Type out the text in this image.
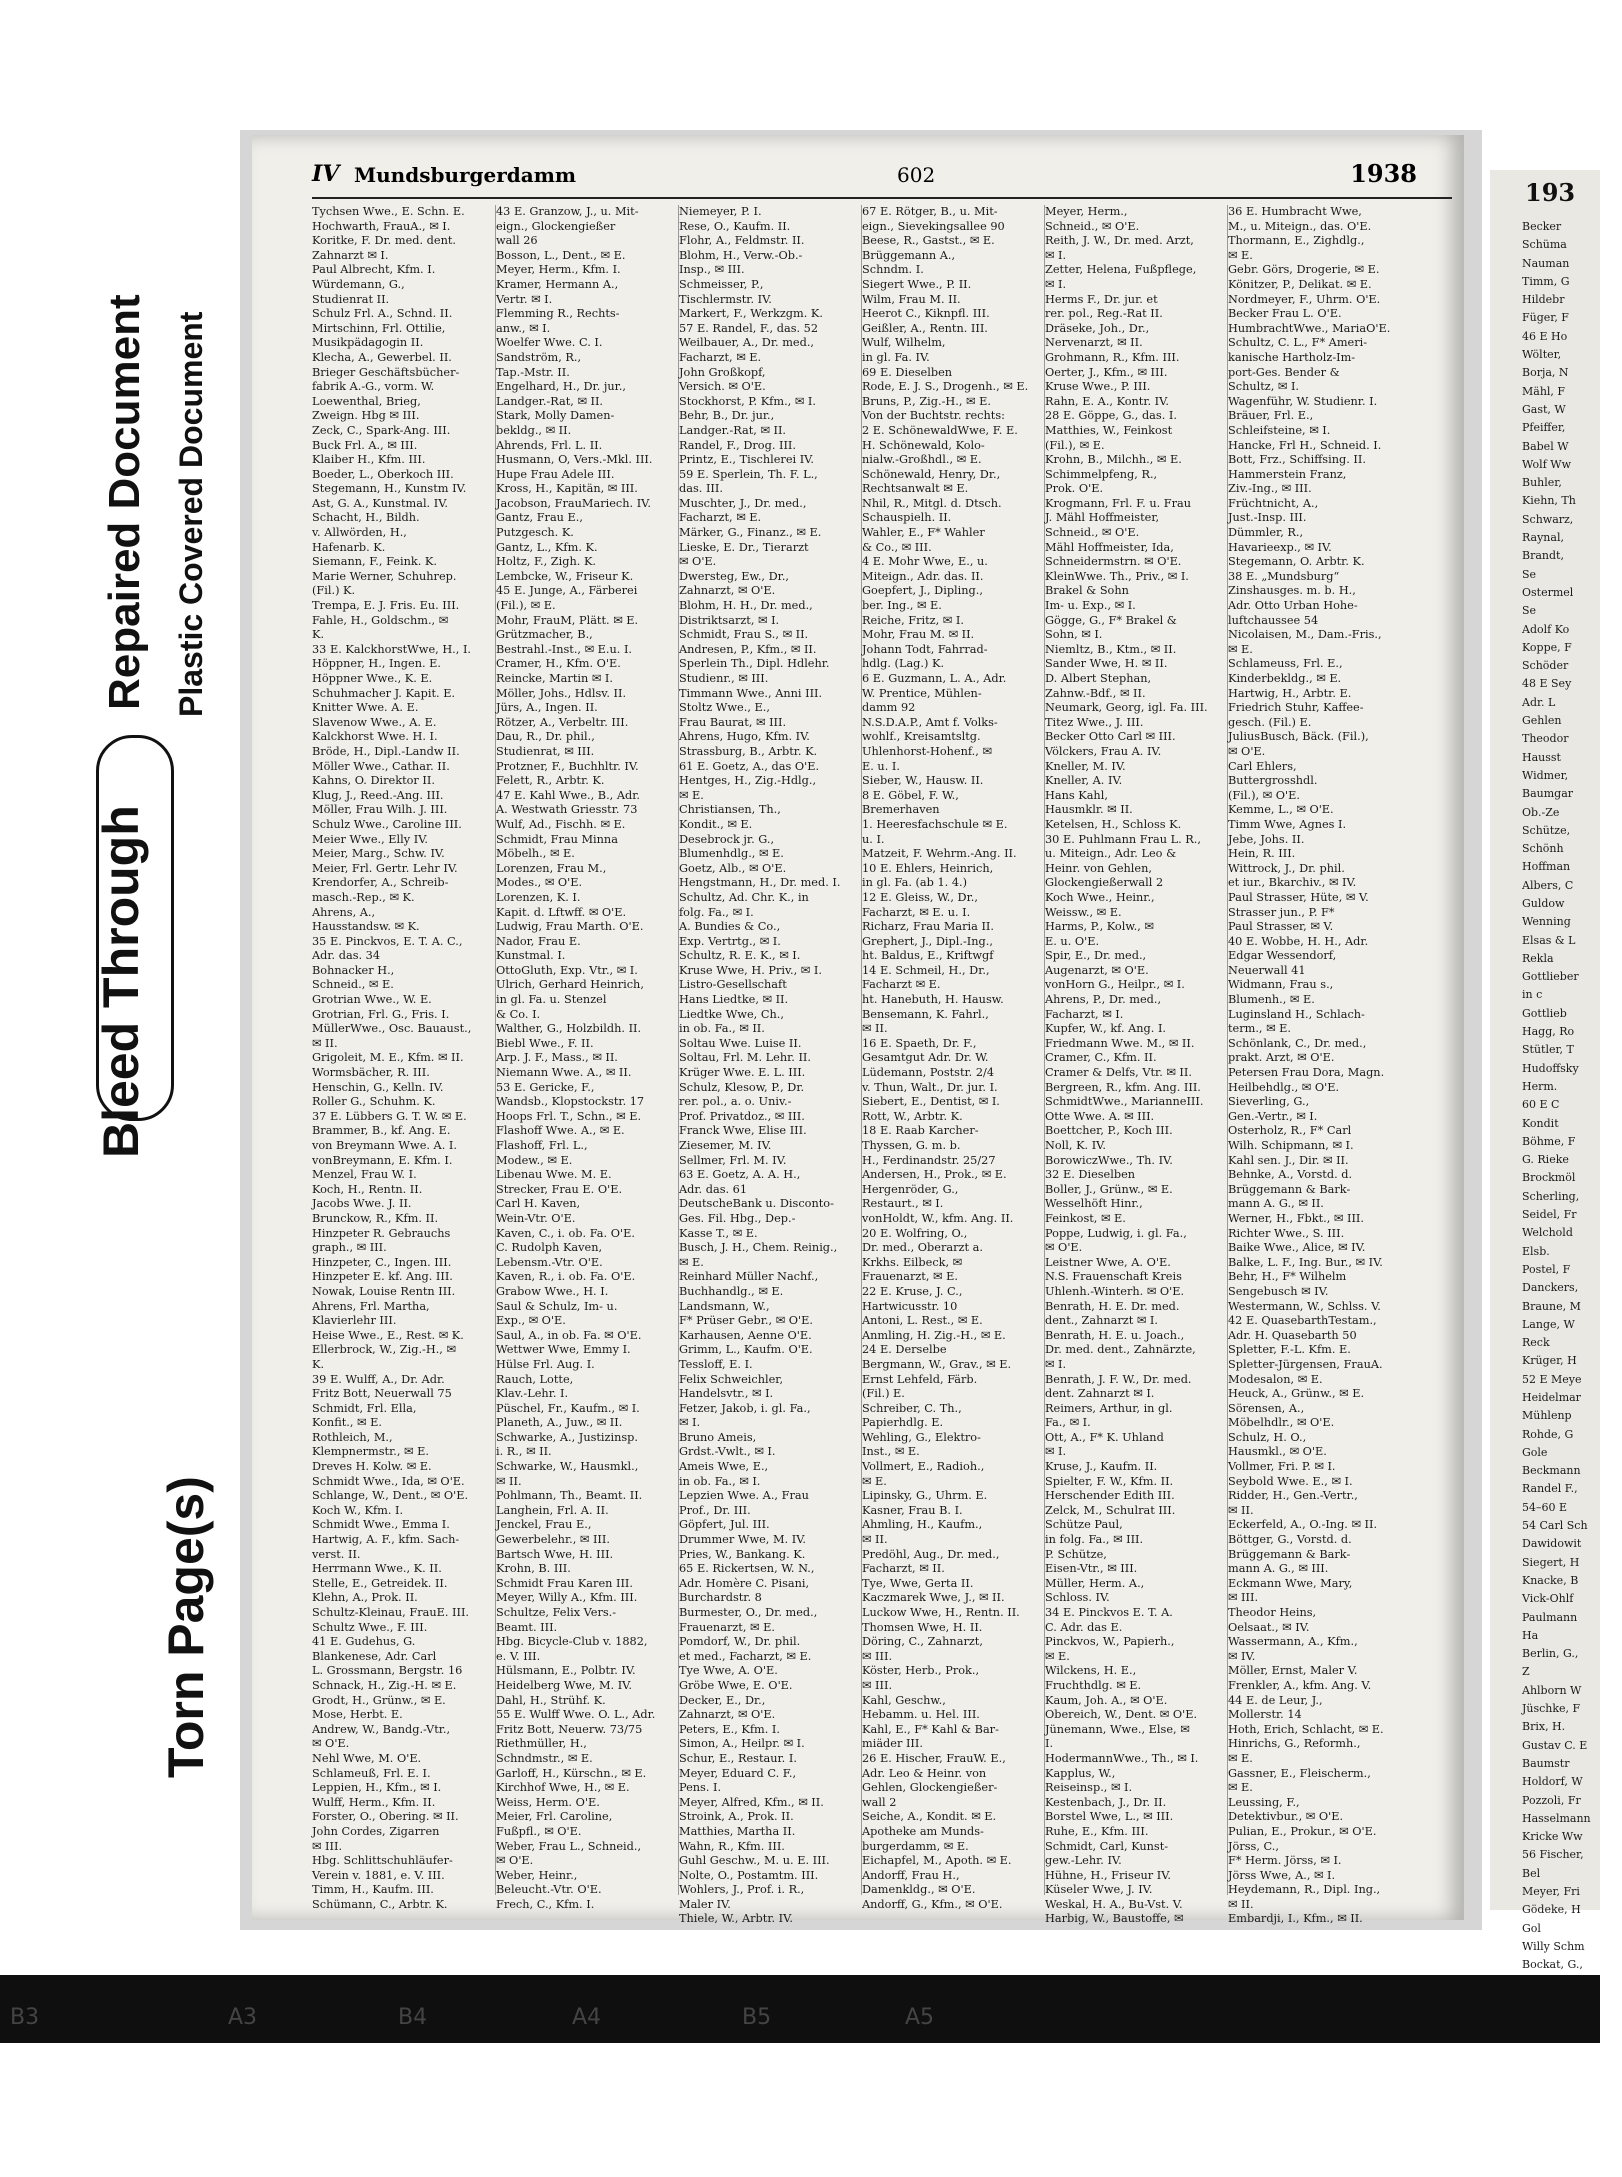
Repaired Document Plastic Covered Document
Bleed Through
Torn Page(s)
IV Mundsburgerdamm	602	1938
Tychsen Wwe., E. Schn. E.
Hochwarth, FrauA., ✉ I.
Koritke, F. Dr. med. dent.
Zahnarzt ✉ I.
Paul Albrecht, Kfm. I.
Würdemann, G.,
Studienrat II.
Schulz Frl. A., Schnd. II.
Mirtschinn, Frl. Ottilie,
Musikpädagogin II.
Klecha, A., Gewerbel. II.
Brieger Geschäftsbücher-
fabrik A.-G., vorm. W.
Loewenthal, Brieg,
Zweign. Hbg ✉ III.
Zeck, C., Spark-Ang. III.
Buck Frl. A., ✉ III.
Klaiber H., Kfm. III.
Boeder, L., Oberkoch III.
Stegemann, H., Kunstm IV.
Ast, G. A., Kunstmal. IV.
Schacht, H., Bildh.
v. Allwörden, H.,
Hafenarb. K.
Siemann, F., Feink. K.
Marie Werner, Schuhrep.
(Fil.) K.
Trempa, E. J. Fris. Eu. III.
Fahle, H., Goldschm., ✉
K.
33 E. KalckhorstWwe, H., I.
Höppner, H., Ingen. E.
Höppner Wwe., K. E.
Schuhmacher J. Kapit. E.
Knitter Wwe. A. E.
Slavenow Wwe., A. E.
Kalckhorst Wwe. H. I.
Bröde, H., Dipl.-Landw II.
Möller Wwe., Cathar. II.
Kahns, O. Direktor II.
Klug, J., Reed.-Ang. III.
Möller, Frau Wilh. J. III.
Schulz Wwe., Caroline III.
Meier Wwe., Elly IV.
Meier, Marg., Schw. IV.
Meier, Frl. Gertr. Lehr IV.
Krendorfer, A., Schreib-
masch.-Rep., ✉ K.
Ahrens, A.,
Hausstandsw. ✉ K.
35 E. Pinckvos, E. T. A. C.,
Adr. das. 34
Bohnacker H.,
Schneid., ✉ E.
Grotrian Wwe., W. E.
Grotrian, Frl. G., Fris. I.
MüllerWwe., Osc. Bauaust.,
✉ II.
Grigoleit, M. E., Kfm. ✉ II.
Wormsbächer, R. III.
Henschin, G., Kelln. IV.
Roller G., Schuhm. K.
37 E. Lübbers G. T. W. ✉ E.
Brammer, B., kf. Ang. E.
von Breymann Wwe. A. I.
vonBreymann, E. Kfm. I.
Menzel, Frau W. I.
Koch, H., Rentn. II.
Jacobs Wwe. J. II.
Brunckow, R., Kfm. II.
Hinzpeter R. Gebrauchs
graph., ✉ III.
Hinzpeter, C., Ingen. III.
Hinzpeter E. kf. Ang. III.
Nowak, Louise Rentn III.
Ahrens, Frl. Martha,
Klavierlehr III.
Heise Wwe., E., Rest. ✉ K.
Ellerbrock, W., Zig.-H., ✉
K.
39 E. Wulff, A., Dr. Adr.
Fritz Bott, Neuerwall 75
Schmidt, Frl. Ella,
Konfit., ✉ E.
Rothleich, M.,
Klempnermstr., ✉ E.
Dreves H. Kolw. ✉ E.
Schmidt Wwe., Ida, ✉ O'E.
Schlange, W., Dent., ✉ O'E.
Koch W., Kfm. I.
Schmidt Wwe., Emma I.
Hartwig, A. F., kfm. Sach-
verst. II.
Herrmann Wwe., K. II.
Stelle, E., Getreidek. II.
Klehn, A., Prok. II.
Schultz-Kleinau, FrauE. III.
Schultz Wwe., F. III.
41 E. Gudehus, G.
Blankenese, Adr. Carl
L. Grossmann, Bergstr. 16
Schnack, H., Zig.-H. ✉ E.
Grodt, H., Grünw., ✉ E.
Mose, Herbt. E.
Andrew, W., Bandg.-Vtr.,
✉ O'E.
Nehl Wwe, M. O'E.
Schlameuß, Frl. E. I.
Leppien, H., Kfm., ✉ I.
Wulff, Herm., Kfm. II.
Forster, O., Obering. ✉ II.
John Cordes, Zigarren
✉ III.
Hbg. Schlittschuhläufer-
Verein v. 1881, e. V. III.
Timm, H., Kaufm. III.
Schümann, C., Arbtr. K.
43 E. Granzow, J., u. Mit-
eign., Glockengießer
wall 26
Bosson, L., Dent., ✉ E.
Meyer, Herm., Kfm. I.
Kramer, Hermann A.,
Vertr. ✉ I.
Flemming R., Rechts-
anw., ✉ I.
Woelfer Wwe. C. I.
Sandström, R.,
Tap.-Mstr. II.
Engelhard, H., Dr. jur.,
Landger.-Rat, ✉ II.
Stark, Molly Damen-
bekldg., ✉ II.
Ahrends, Frl. L. II.
Husmann, O, Vers.-Mkl. III.
Hupe Frau Adele III.
Kross, H., Kapitän, ✉ III.
Jacobson, FrauMariech. IV.
Gantz, Frau E.,
Putzgesch. K.
Gantz, L., Kfm. K.
Holtz, F., Zigh. K.
Lembcke, W., Friseur K.
45 E. Junge, A., Färberei
(Fil.), ✉ E.
Mohr, FrauM, Plätt. ✉ E.
Grützmacher, B.,
Bestrahl.-Inst., ✉ E.u. I.
Cramer, H., Kfm. O'E.
Reincke, Martin ✉ I.
Möller, Johs., Hdlsv. II.
Jürs, A., Ingen. II.
Rötzer, A., Verbeltr. III.
Dau, R., Dr. phil.,
Studienrat, ✉ III.
Protzner, F., Buchhltr. IV.
Felett, R., Arbtr. K.
47 E. Kahl Wwe., B., Adr.
A. Westwath Griesstr. 73
Wulf, Ad., Fischh. ✉ E.
Schmidt, Frau Minna
Möbelh., ✉ E.
Lorenzen, Frau M.,
Modes., ✉ O'E.
Lorenzen, K. I.
Kapit. d. Lftwff. ✉ O'E.
Ludwig, Frau Marth. O'E.
Nador, Frau E.
Kunstmal. I.
OttoGluth, Exp. Vtr., ✉ I.
Ulrich, Gerhard Heinrich,
in gl. Fa. u. Stenzel
& Co. I.
Walther, G., Holzbildh. II.
Biebl Wwe., F. II.
Arp. J. F., Mass., ✉ II.
Niemann Wwe. A., ✉ II.
53 E. Gericke, F.,
Wandsb., Klopstockstr. 17
Hoops Frl. T., Schn., ✉ E.
Flashoff Wwe. A., ✉ E.
Flashoff, Frl. L.,
Modew., ✉ E.
Libenau Wwe. M. E.
Strecker, Frau E. O'E.
Carl H. Kaven,
Wein-Vtr. O'E.
Kaven, C., i. ob. Fa. O'E.
C. Rudolph Kaven,
Lebensm.-Vtr. O'E.
Kaven, R., i. ob. Fa. O'E.
Grabow Wwe., H. I.
Saul & Schulz, Im- u.
Exp., ✉ O'E.
Saul, A., in ob. Fa. ✉ O'E.
Wettwer Wwe, Emmy I.
Hülse Frl. Aug. I.
Rauch, Lotte,
Klav.-Lehr. I.
Püschel, Fr., Kaufm., ✉ I.
Planeth, A., Juw., ✉ II.
Schwarke, A., Justizinsp.
i. R., ✉ II.
Schwarke, W., Hausmkl.,
✉ II.
Pohlmann, Th., Beamt. II.
Langhein, Frl. A. II.
Jenckel, Frau E.,
Gewerbelehr., ✉ III.
Bartsch Wwe, H. III.
Krohn, B. III.
Schmidt Frau Karen III.
Meyer, Willy A., Kfm. III.
Schultze, Felix Vers.-
Beamt. III.
Hbg. Bicycle-Club v. 1882,
e. V. III.
Hülsmann, E., Polbtr. IV.
Heidelberg Wwe, M. IV.
Dahl, H., Strühf. K.
55 E. Wulff Wwe. O. L., Adr.
Fritz Bott, Neuerw. 73/75
Riethmüller, H.,
Schndmstr., ✉ E.
Garloff, H., Kürschn., ✉ E.
Kirchhof Wwe, H., ✉ E.
Weiss, Herm. O'E.
Meier, Frl. Caroline,
Fußpfl., ✉ O'E.
Weber, Frau L., Schneid.,
✉ O'E.
Weber, Heinr.,
Beleucht.-Vtr. O'E.
Frech, C., Kfm. I.
Niemeyer, P. I.
Rese, O., Kaufm. II.
Flohr, A., Feldmstr. II.
Blohm, H., Verw.-Ob.-
Insp., ✉ III.
Schmeisser, P.,
Tischlermstr. IV.
Markert, F., Werkzgm. K.
57 E. Randel, F., das. 52
Weilbauer, A., Dr. med.,
Facharzt, ✉ E.
John Großkopf,
Versich. ✉ O'E.
Stockhorst, P. Kfm., ✉ I.
Behr, B., Dr. jur.,
Landger.-Rat, ✉ II.
Randel, F., Drog. III.
Printz, E., Tischlerei IV.
59 E. Sperlein, Th. F. L.,
das. III.
Muschter, J., Dr. med.,
Facharzt, ✉ E.
Märker, G., Finanz., ✉ E.
Lieske, E. Dr., Tierarzt
✉ O'E.
Dwersteg, Ew., Dr.,
Zahnarzt, ✉ O'E.
Blohm, H. H., Dr. med.,
Distriktsarzt, ✉ I.
Schmidt, Frau S., ✉ II.
Andresen, P., Kfm., ✉ II.
Sperlein Th., Dipl. Hdlehr.
Studienr., ✉ III.
Timmann Wwe., Anni III.
Stoltz Wwe., E.,
Frau Baurat, ✉ III.
Ahrens, Hugo, Kfm. IV.
Strassburg, B., Arbtr. K.
61 E. Goetz, A., das O'E.
Hentges, H., Zig.-Hdlg.,
✉ E.
Christiansen, Th.,
Kondit., ✉ E.
Desebrock jr. G.,
Blumenhdlg., ✉ E.
Goetz, Alb., ✉ O'E.
Hengstmann, H., Dr. med. I.
Schultz, Ad. Chr. K., in
folg. Fa., ✉ I.
A. Bundies & Co.,
Exp. Vertrtg., ✉ I.
Schultz, R. E. K., ✉ I.
Kruse Wwe, H. Priv., ✉ I.
Listro-Gesellschaft
Hans Liedtke, ✉ II.
Liedtke Wwe, Ch.,
in ob. Fa., ✉ II.
Soltau Wwe. Luise II.
Soltau, Frl. M. Lehr. II.
Krüger Wwe. E. L. III.
Schulz, Klesow, P., Dr.
rer. pol., a. o. Univ.-
Prof. Privatdoz., ✉ III.
Franck Wwe, Elise III.
Ziesemer, M. IV.
Sellmer, Frl. M. IV.
63 E. Goetz, A. A. H.,
Adr. das. 61
DeutscheBank u. Disconto-
Ges. Fil. Hbg., Dep.-
Kasse T., ✉ E.
Busch, J. H., Chem. Reinig.,
✉ E.
Reinhard Müller Nachf.,
Buchhandlg., ✉ E.
Landsmann, W.,
F* Prüser Gebr., ✉ O'E.
Karhausen, Aenne O'E.
Grimm, L., Kaufm. O'E.
Tessloff, E. I.
Felix Schweichler,
Handelsvtr., ✉ I.
Fetzer, Jakob, i. gl. Fa.,
✉ I.
Bruno Ameis,
Grdst.-Vwlt., ✉ I.
Ameis Wwe, E.,
in ob. Fa., ✉ I.
Lepzien Wwe. A., Frau
Prof., Dr. III.
Göpfert, Jul. III.
Drummer Wwe, M. IV.
Pries, W., Bankang. K.
65 E. Rickertsen, W. N.,
Adr. Homère C. Pisani,
Burchardstr. 8
Burmester, O., Dr. med.,
Frauenarzt, ✉ E.
Pomdorf, W., Dr. phil.
et med., Facharzt, ✉ E.
Tye Wwe, A. O'E.
Gröbe Wwe, E. O'E.
Decker, E., Dr.,
Zahnarzt, ✉ O'E.
Peters, E., Kfm. I.
Simon, A., Heilpr. ✉ I.
Schur, E., Restaur. I.
Meyer, Eduard C. F.,
Pens. I.
Meyer, Alfred, Kfm., ✉ II.
Stroink, A., Prok. II.
Matthies, Martha II.
Wahn, R., Kfm. III.
Guhl Geschw., M. u. E. III.
Nolte, O., Postamtm. III.
Wohlers, J., Prof. i. R.,
Maler IV.
Thiele, W., Arbtr. IV.
67 E. Rötger, B., u. Mit-
eign., Sievekingsallee 90
Beese, R., Gastst., ✉ E.
Brüggemann A.,
Schndm. I.
Siegert Wwe., P. II.
Wilm, Frau M. II.
Heerot C., Kiknpfl. III.
Geißler, A., Rentn. III.
Wulf, Wilhelm,
in gl. Fa. IV.
69 E. Dieselben
Rode, E. J. S., Drogenh., ✉ E.
Bruns, P., Zig.-H., ✉ E.
Von der Buchtstr. rechts:
2 E. SchönewaldWwe, F. E.
H. Schönewald, Kolo-
nialw.-Großhdl., ✉ E.
Schönewald, Henry, Dr.,
Rechtsanwalt ✉ E.
Nhil, R., Mitgl. d. Dtsch.
Schauspielh. II.
Wahler, E., F* Wahler
& Co., ✉ III.
4 E. Mohr Wwe, E., u.
Miteign., Adr. das. II.
Goepfert, J., Dipling.,
ber. Ing., ✉ E.
Reiche, Fritz, ✉ I.
Mohr, Frau M. ✉ II.
Johann Todt, Fahrrad-
hdlg. (Lag.) K.
6 E. Guzmann, L. A., Adr.
W. Prentice, Mühlen-
damm 92
N.S.D.A.P., Amt f. Volks-
wohlf., Kreisamtsltg.
Uhlenhorst-Hohenf., ✉
E. u. I.
Sieber, W., Hausw. II.
8 E. Göbel, F. W.,
Bremerhaven
1. Heeresfachschule ✉ E.
u. I.
Matzeit, F. Wehrm.-Ang. II.
10 E. Ehlers, Heinrich,
in gl. Fa. (ab 1. 4.)
12 E. Gleiss, W., Dr.,
Facharzt, ✉ E. u. I.
Richarz, Frau Maria II.
Grephert, J., Dipl.-Ing.,
ht. Baldus, E., Kriftwgf
14 E. Schmeil, H., Dr.,
Facharzt ✉ E.
ht. Hanebuth, H. Hausw.
Bensemann, K. Fahrl.,
✉ II.
16 E. Spaeth, Dr. F.,
Gesamtgut Adr. Dr. W.
Lüdemann, Poststr. 2/4
v. Thun, Walt., Dr. jur. I.
Siebert, E., Dentist, ✉ I.
Rott, W., Arbtr. K.
18 E. Raab Karcher-
Thyssen, G. m. b.
H., Ferdinandstr. 25/27
Andersen, H., Prok., ✉ E.
Hergenröder, G.,
Restaurt., ✉ I.
vonHoldt, W., kfm. Ang. II.
20 E. Wolfring, O.,
Dr. med., Oberarzt a.
Krkhs. Eilbeck, ✉
Frauenarzt, ✉ E.
22 E. Kruse, J. C.,
Hartwicusstr. 10
Antoni, L. Rest., ✉ E.
Anmling, H. Zig.-H., ✉ E.
24 E. Derselbe
Bergmann, W., Grav., ✉ E.
Ernst Lehfeld, Färb.
(Fil.) E.
Schreiber, C. Th.,
Papierhdlg. E.
Wehling, G., Elektro-
Inst., ✉ E.
Vollmert, E., Radioh.,
✉ E.
Lipinsky, G., Uhrm. E.
Kasner, Frau B. I.
Ahmling, H., Kaufm.,
✉ II.
Predöhl, Aug., Dr. med.,
Facharzt, ✉ II.
Tye, Wwe, Gerta II.
Kaczmarek Wwe, J., ✉ II.
Luckow Wwe, H., Rentn. II.
Thomsen Wwe, H. II.
Döring, C., Zahnarzt,
✉ III.
Köster, Herb., Prok.,
✉ III.
Kahl, Geschw.,
Hebamm. u. Hel. III.
Kahl, E., F* Kahl & Bar-
miäder III.
26 E. Hischer, FrauW. E.,
Adr. Leo & Heinr. von
Gehlen, Glockengießer-
wall 2
Seiche, A., Kondit. ✉ E.
Apotheke am Munds-
burgerdamm, ✉ E.
Eichapfel, M., Apoth. ✉ E.
Andorff, Frau H.,
Damenkldg., ✉ O'E.
Andorff, G., Kfm., ✉ O'E.
Meyer, Herm.,
Schneid., ✉ O'E.
Reith, J. W., Dr. med. Arzt,
✉ I.
Zetter, Helena, Fußpflege,
✉ I.
Herms F., Dr. jur. et
rer. pol., Reg.-Rat II.
Dräseke, Joh., Dr.,
Nervenarzt, ✉ II.
Grohmann, R., Kfm. III.
Oerter, J., Kfm., ✉ III.
Kruse Wwe., P. III.
Rahn, E. A., Kontr. IV.
28 E. Göppe, G., das. I.
Matthies, W., Feinkost
(Fil.), ✉ E.
Krohn, B., Milchh., ✉ E.
Schimmelpfeng, R.,
Prok. O'E.
Krogmann, Frl. F. u. Frau
J. Mähl Hoffmeister,
Schneid., ✉ O'E.
Mähl Hoffmeister, Ida,
Schneidermstrn. ✉ O'E.
KleinWwe. Th., Priv., ✉ I.
Brakel & Sohn
Im- u. Exp., ✉ I.
Gögge, G., F* Brakel &
Sohn, ✉ I.
Niemltz, B., Ktm., ✉ II.
Sander Wwe, H. ✉ II.
D. Albert Stephan,
Zahnw.-Bdf., ✉ II.
Neumark, Georg, igl. Fa. III.
Titez Wwe., J. III.
Becker Otto Carl ✉ III.
Völckers, Frau A. IV.
Kneller, M. IV.
Kneller, A. IV.
Hans Kahl,
Hausmklr. ✉ II.
Ketelsen, H., Schloss K.
30 E. Puhlmann Frau L. R.,
u. Miteign., Adr. Leo &
Heinr. von Gehlen,
Glockengießerwall 2
Koch Wwe., Heinr.,
Weissw., ✉ E.
Harms, P., Kolw., ✉
E. u. O'E.
Spir, E., Dr. med.,
Augenarzt, ✉ O'E.
vonHorn G., Heilpr., ✉ I.
Ahrens, P., Dr. med.,
Facharzt, ✉ I.
Kupfer, W., kf. Ang. I.
Friedmann Wwe. M., ✉ II.
Cramer, C., Kfm. II.
Cramer & Delfs, Vtr. ✉ II.
Bergreen, R., kfm. Ang. III.
SchmidtWwe., MarianneIII.
Otte Wwe. A. ✉ III.
Boettcher, P., Koch III.
Noll, K. IV.
BorowiczWwe., Th. IV.
32 E. Dieselben
Boller, J., Grünw., ✉ E.
Wesselhöft Hinr.,
Feinkost, ✉ E.
Poppe, Ludwig, i. gl. Fa.,
✉ O'E.
Leistner Wwe, A. O'E.
N.S. Frauenschaft Kreis
Uhlenh.-Winterh. ✉ O'E.
Benrath, H. E. Dr. med.
dent., Zahnarzt ✉ I.
Benrath, H. E. u. Joach.,
Dr. med. dent., Zahnärzte,
✉ I.
Benrath, J. F. W., Dr. med.
dent. Zahnarzt ✉ I.
Reimers, Arthur, in gl.
Fa., ✉ I.
Ott, A., F* K. Uhland
✉ I.
Kruse, J., Kaufm. II.
Spielter, F. W., Kfm. II.
Herschender Edith III.
Zelck, M., Schulrat III.
Schütze Paul,
in folg. Fa., ✉ III.
P. Schütze,
Eisen-Vtr., ✉ III.
Müller, Herm. A.,
Schloss. IV.
34 E. Pinckvos E. T. A.
C. Adr. das E.
Pinckvos, W., Papierh.,
✉ E.
Wilckens, H. E.,
Fruchthdlg. ✉ E.
Kaum, Joh. A., ✉ O'E.
Obereich, W., Dent. ✉ O'E.
Jünemann, Wwe., Else, ✉
I.
HodermannWwe., Th., ✉ I.
Kapplus, W.,
Reiseinsp., ✉ I.
Kestenbach, J., Dr. II.
Borstel Wwe, L., ✉ III.
Ruhe, E., Kfm. III.
Schmidt, Carl, Kunst-
gew.-Lehr. IV.
Hühne, H., Friseur IV.
Küseler Wwe, J. IV.
Weskal, H. A., Bu-Vst. V.
Harbig, W., Baustoffe, ✉
36 E. Humbracht Wwe,
M., u. Miteign., das. O'E.
Thormann, E., Zighdlg.,
✉ E.
Gebr. Görs, Drogerie, ✉ E.
Könitzer, P., Delikat. ✉ E.
Nordmeyer, F., Uhrm. O'E.
Becker Frau L. O'E.
HumbrachtWwe., MariaO'E.
Schultz, C. L., F* Ameri-
kanische Hartholz-Im-
port-Ges. Bender &
Schultz, ✉ I.
Wagenführ, W. Studienr. I.
Bräuer, Frl. E.,
Schleifsteine, ✉ I.
Hancke, Frl H., Schneid. I.
Bott, Frz., Schiffsing. II.
Hammerstein Franz,
Ziv.-Ing., ✉ III.
Früchtnicht, A.,
Just.-Insp. III.
Dümmler, R.,
Havarieexp., ✉ IV.
Stegemann, O. Arbtr. K.
38 E. „Mundsburg“
Zinshausges. m. b. H.,
Adr. Otto Urban Hohe-
luftchaussee 54
Nicolaisen, M., Dam.-Fris.,
✉ E.
Schlameuss, Frl. E.,
Kinderbekldg., ✉ E.
Hartwig, H., Arbtr. E.
Friedrich Stuhr, Kaffee-
gesch. (Fil.) E.
JuliusBusch, Bäck. (Fil.),
✉ O'E.
Carl Ehlers,
Buttergrosshdl.
(Fil.), ✉ O'E.
Kemme, L., ✉ O'E.
Timm Wwe, Agnes I.
Jebe, Johs. II.
Hein, R. III.
Wittrock, J., Dr. phil.
et iur., Bkarchiv., ✉ IV.
Paul Strasser, Hüte, ✉ V.
Strasser jun., P. F*
Paul Strasser, ✉ V.
40 E. Wobbe, H. H., Adr.
Edgar Wessendorf,
Neuerwall 41
Widmann, Frau s.,
Blumenh., ✉ E.
Luginsland H., Schlach-
term., ✉ E.
Schönlank, C., Dr. med.,
prakt. Arzt, ✉ O'E.
Petersen Frau Dora, Magn.
Heilbehdlg., ✉ O'E.
Sieverling, G.,
Gen.-Vertr., ✉ I.
Osterholz, R., F* Carl
Wilh. Schipmann, ✉ I.
Kahl sen. J., Dir. ✉ II.
Behnke, A., Vorstd. d.
Brüggemann & Bark-
mann A. G., ✉ II.
Werner, H., Fbkt., ✉ III.
Richter Wwe., S. III.
Baike Wwe., Alice, ✉ IV.
Balke, L. F., Ing. Bur., ✉ IV.
Behr, H., F* Wilhelm
Sengebusch ✉ IV.
Westermann, W., Schlss. V.
42 E. QuasebarthTestam.,
Adr. H. Quasebarth 50
Spletter, F.-L. Kfm. E.
Spletter-Jürgensen, FrauA.
Modesalon, ✉ E.
Heuck, A., Grünw., ✉ E.
Sörensen, A.,
Möbelhdlr., ✉ O'E.
Schulz, H. O.,
Hausmkl., ✉ O'E.
Vollmer, Fri. P. ✉ I.
Seybold Wwe. E., ✉ I.
Ridder, H., Gen.-Vertr.,
✉ II.
Eckerfeld, A., O.-Ing. ✉ II.
Böttger, G., Vorstd. d.
Brüggemann & Bark-
mann A. G., ✉ III.
Eckmann Wwe, Mary,
✉ III.
Theodor Heins,
Oelsaat., ✉ IV.
Wassermann, A., Kfm.,
✉ IV.
Möller, Ernst, Maler V.
Frenkler, A., kfm. Ang. V.
44 E. de Leur, J.,
Mollerstr. 14
Hoth, Erich, Schlacht, ✉ E.
Hinrichs, G., Reformh.,
✉ E.
Gassner, E., Fleischerm.,
✉ E.
Leussing, F.,
Detektivbur., ✉ O'E.
Pulian, E., Prokur., ✉ O'E.
Jörss, C.,
F* Herm. Jörss, ✉ I.
Jörss Wwe, A., ✉ I.
Heydemann, R., Dipl. Ing.,
✉ II.
Embardji, I., Kfm., ✉ II.
193
Becker
Schüma
Nauman
Timm, G
Hildebr
Füger, F
46 E Ho
Wölter,
Borja, N
Mähl, F
Gast, W
Pfeiffer,
Babel W
Wolf Ww
Buhler,
Kiehn, Th
Schwarz,
Raynal,
Brandt,
Se
Ostermel
Se
Adolf Ko
Koppe, F
Schöder
48 E Sey
Adr. L
Gehlen
Theodor
Hausst
Widmer,
Baumgar
Ob.-Ze
Schütze,
Schönh
Hoffman
Albers, C
Guldow
Wenning
Elsas & L
Rekla
Gottlieber
in c
Gottlieb
Hagg, Ro
Stütler, T
Hudoffsky
Herm.
60 E C
Kondit
Böhme, F
G. Rieke
Brockmöl
Scherling,
Seidel, Fr
Welchold
Elsb.
Postel, F
Danckers,
Braune, M
Lange, W
Reck
Krüger, H
52 E Meye
Heidelmar
Mühlenp
Rohde, G
Gole
Beckmann
Randel F.,
54–60 E
54 Carl Sch
Dawidowit
Siegert, H
Knacke, B
Vick-Ohlf
Paulmann
Ha
Berlin, G.,
Z
Ahlborn W
Jüschke, F
Brix, H.
Gustav C. E
Baumstr
Holdorf, W
Pozzoli, Fr
Hasselmann
Kricke Ww
56 Fischer,
Bel
Meyer, Fri
Gödeke, H
Gol
Willy Schm
Bockat, G.,
B3	A3	B4	A4	B5	A5
